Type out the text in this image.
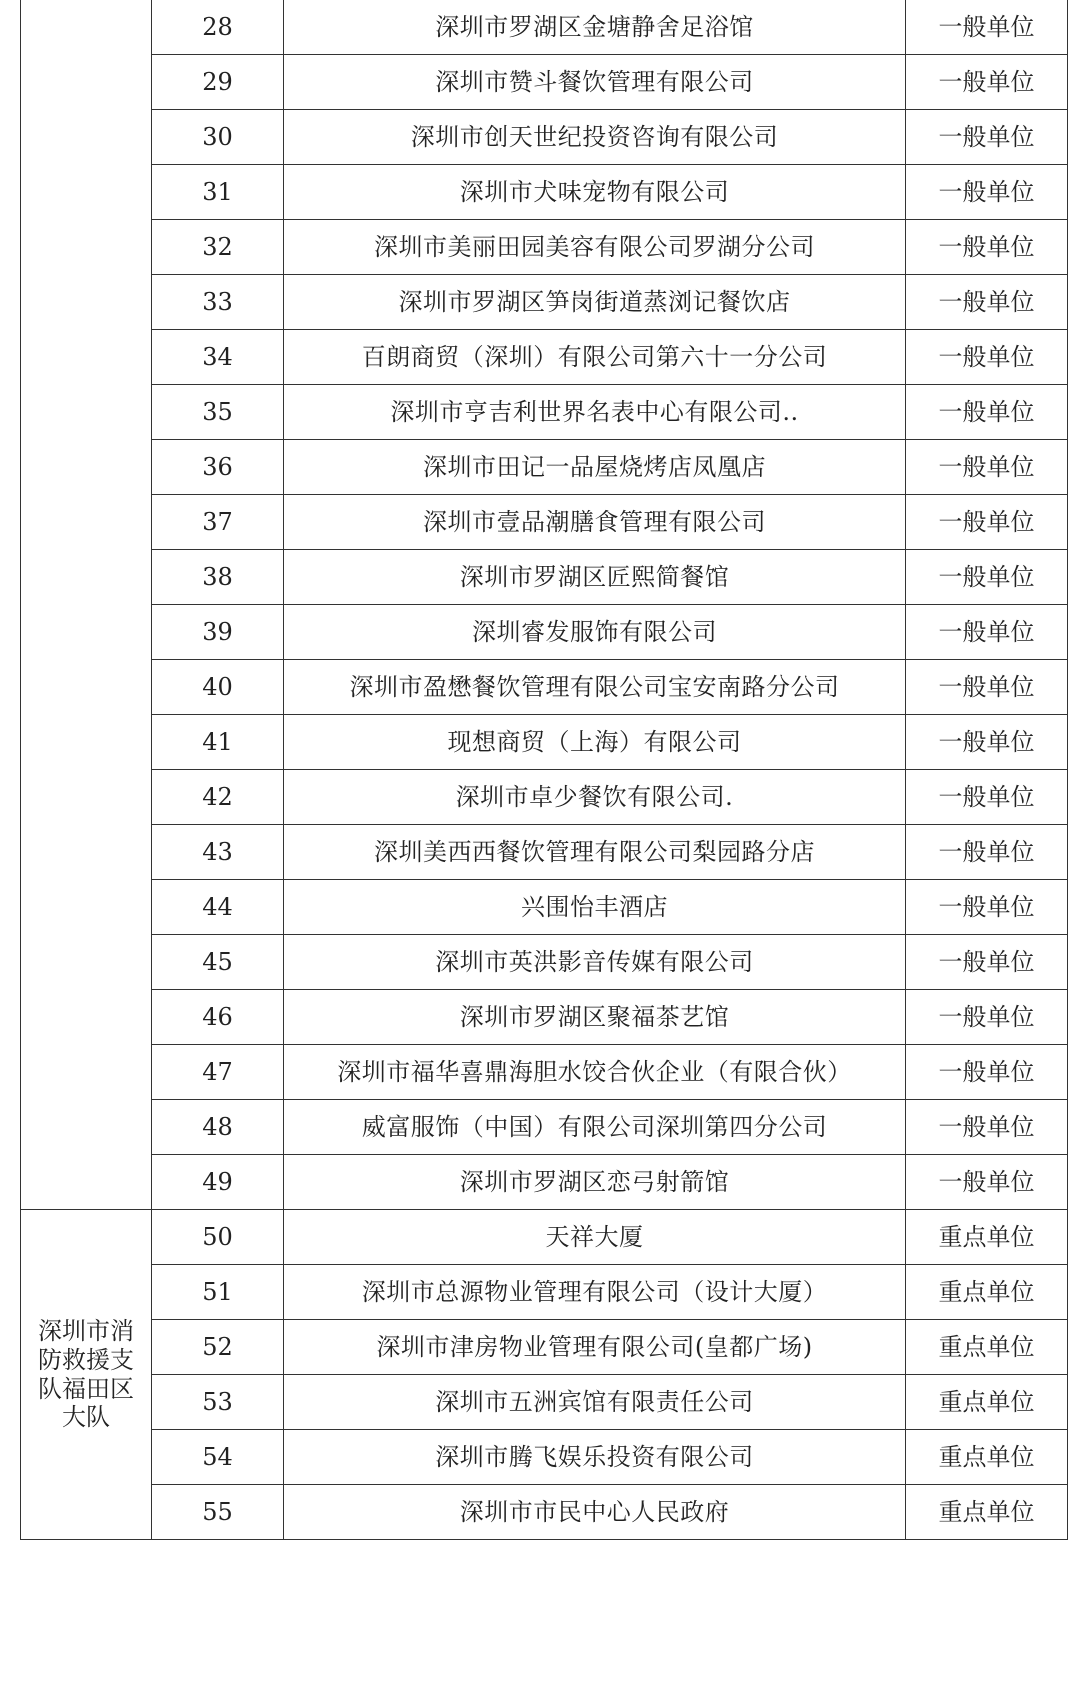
	28	深圳市罗湖区金塘静舍足浴馆	一般单位
	29	深圳市赞斗餐饮管理有限公司	一般单位
	30	深圳市创天世纪投资咨询有限公司	一般单位
	31	深圳市犬味宠物有限公司	一般单位
	32	深圳市美丽田园美容有限公司罗湖分公司	一般单位
	33	深圳市罗湖区笋岗街道蒸浏记餐饮店	一般单位
	34	百朗商贸（深圳）有限公司第六十一分公司	一般单位
	35	深圳市亨吉利世界名表中心有限公司..	一般单位
	36	深圳市田记一品屋烧烤店凤凰店	一般单位
	37	深圳市壹品潮膳食管理有限公司	一般单位
	38	深圳市罗湖区匠熙简餐馆	一般单位
	39	深圳睿发服饰有限公司	一般单位
	40	深圳市盈懋餐饮管理有限公司宝安南路分公司	一般单位
	41	现想商贸（上海）有限公司	一般单位
	42	深圳市卓少餐饮有限公司.	一般单位
	43	深圳美西西餐饮管理有限公司梨园路分店	一般单位
	44	兴围怡丰酒店	一般单位
	45	深圳市英洪影音传媒有限公司	一般单位
	46	深圳市罗湖区聚福茶艺馆	一般单位
	47	深圳市福华喜鼎海胆水饺合伙企业（有限合伙）	一般单位
	48	威富服饰（中国）有限公司深圳第四分公司	一般单位
	49	深圳市罗湖区恋弓射箭馆	一般单位
深圳市消防救援支队福田区大队	50	天祥大厦	重点单位
	51	深圳市总源物业管理有限公司（设计大厦）	重点单位
	52	深圳市津房物业管理有限公司(皇都广场)	重点单位
	53	深圳市五洲宾馆有限责任公司	重点单位
	54	深圳市腾飞娱乐投资有限公司	重点单位
	55	深圳市市民中心人民政府	重点单位
